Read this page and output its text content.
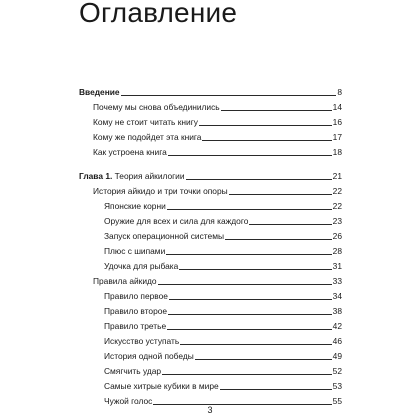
Оглавление
Введение	8
Почему мы снова объединились	14
Кому не стоит читать книгу	16
Кому же подойдет эта книга	17
Как устроена книга	18
Глава 1. Теория айкилогии	21
История айкидо и три точки опоры	22
Японские корни	22
Оружие для всех и сила для каждого	23
Запуск операционной системы	26
Плюс с шипами	28
Удочка для рыбака	31
Правила айкидо	33
Правило первое	34
Правило второе	38
Правило третье	42
Искусство уступать	46
История одной победы	49
Смягчить удар	52
Самые хитрые кубики в мире	53
Чужой голос	55
3
